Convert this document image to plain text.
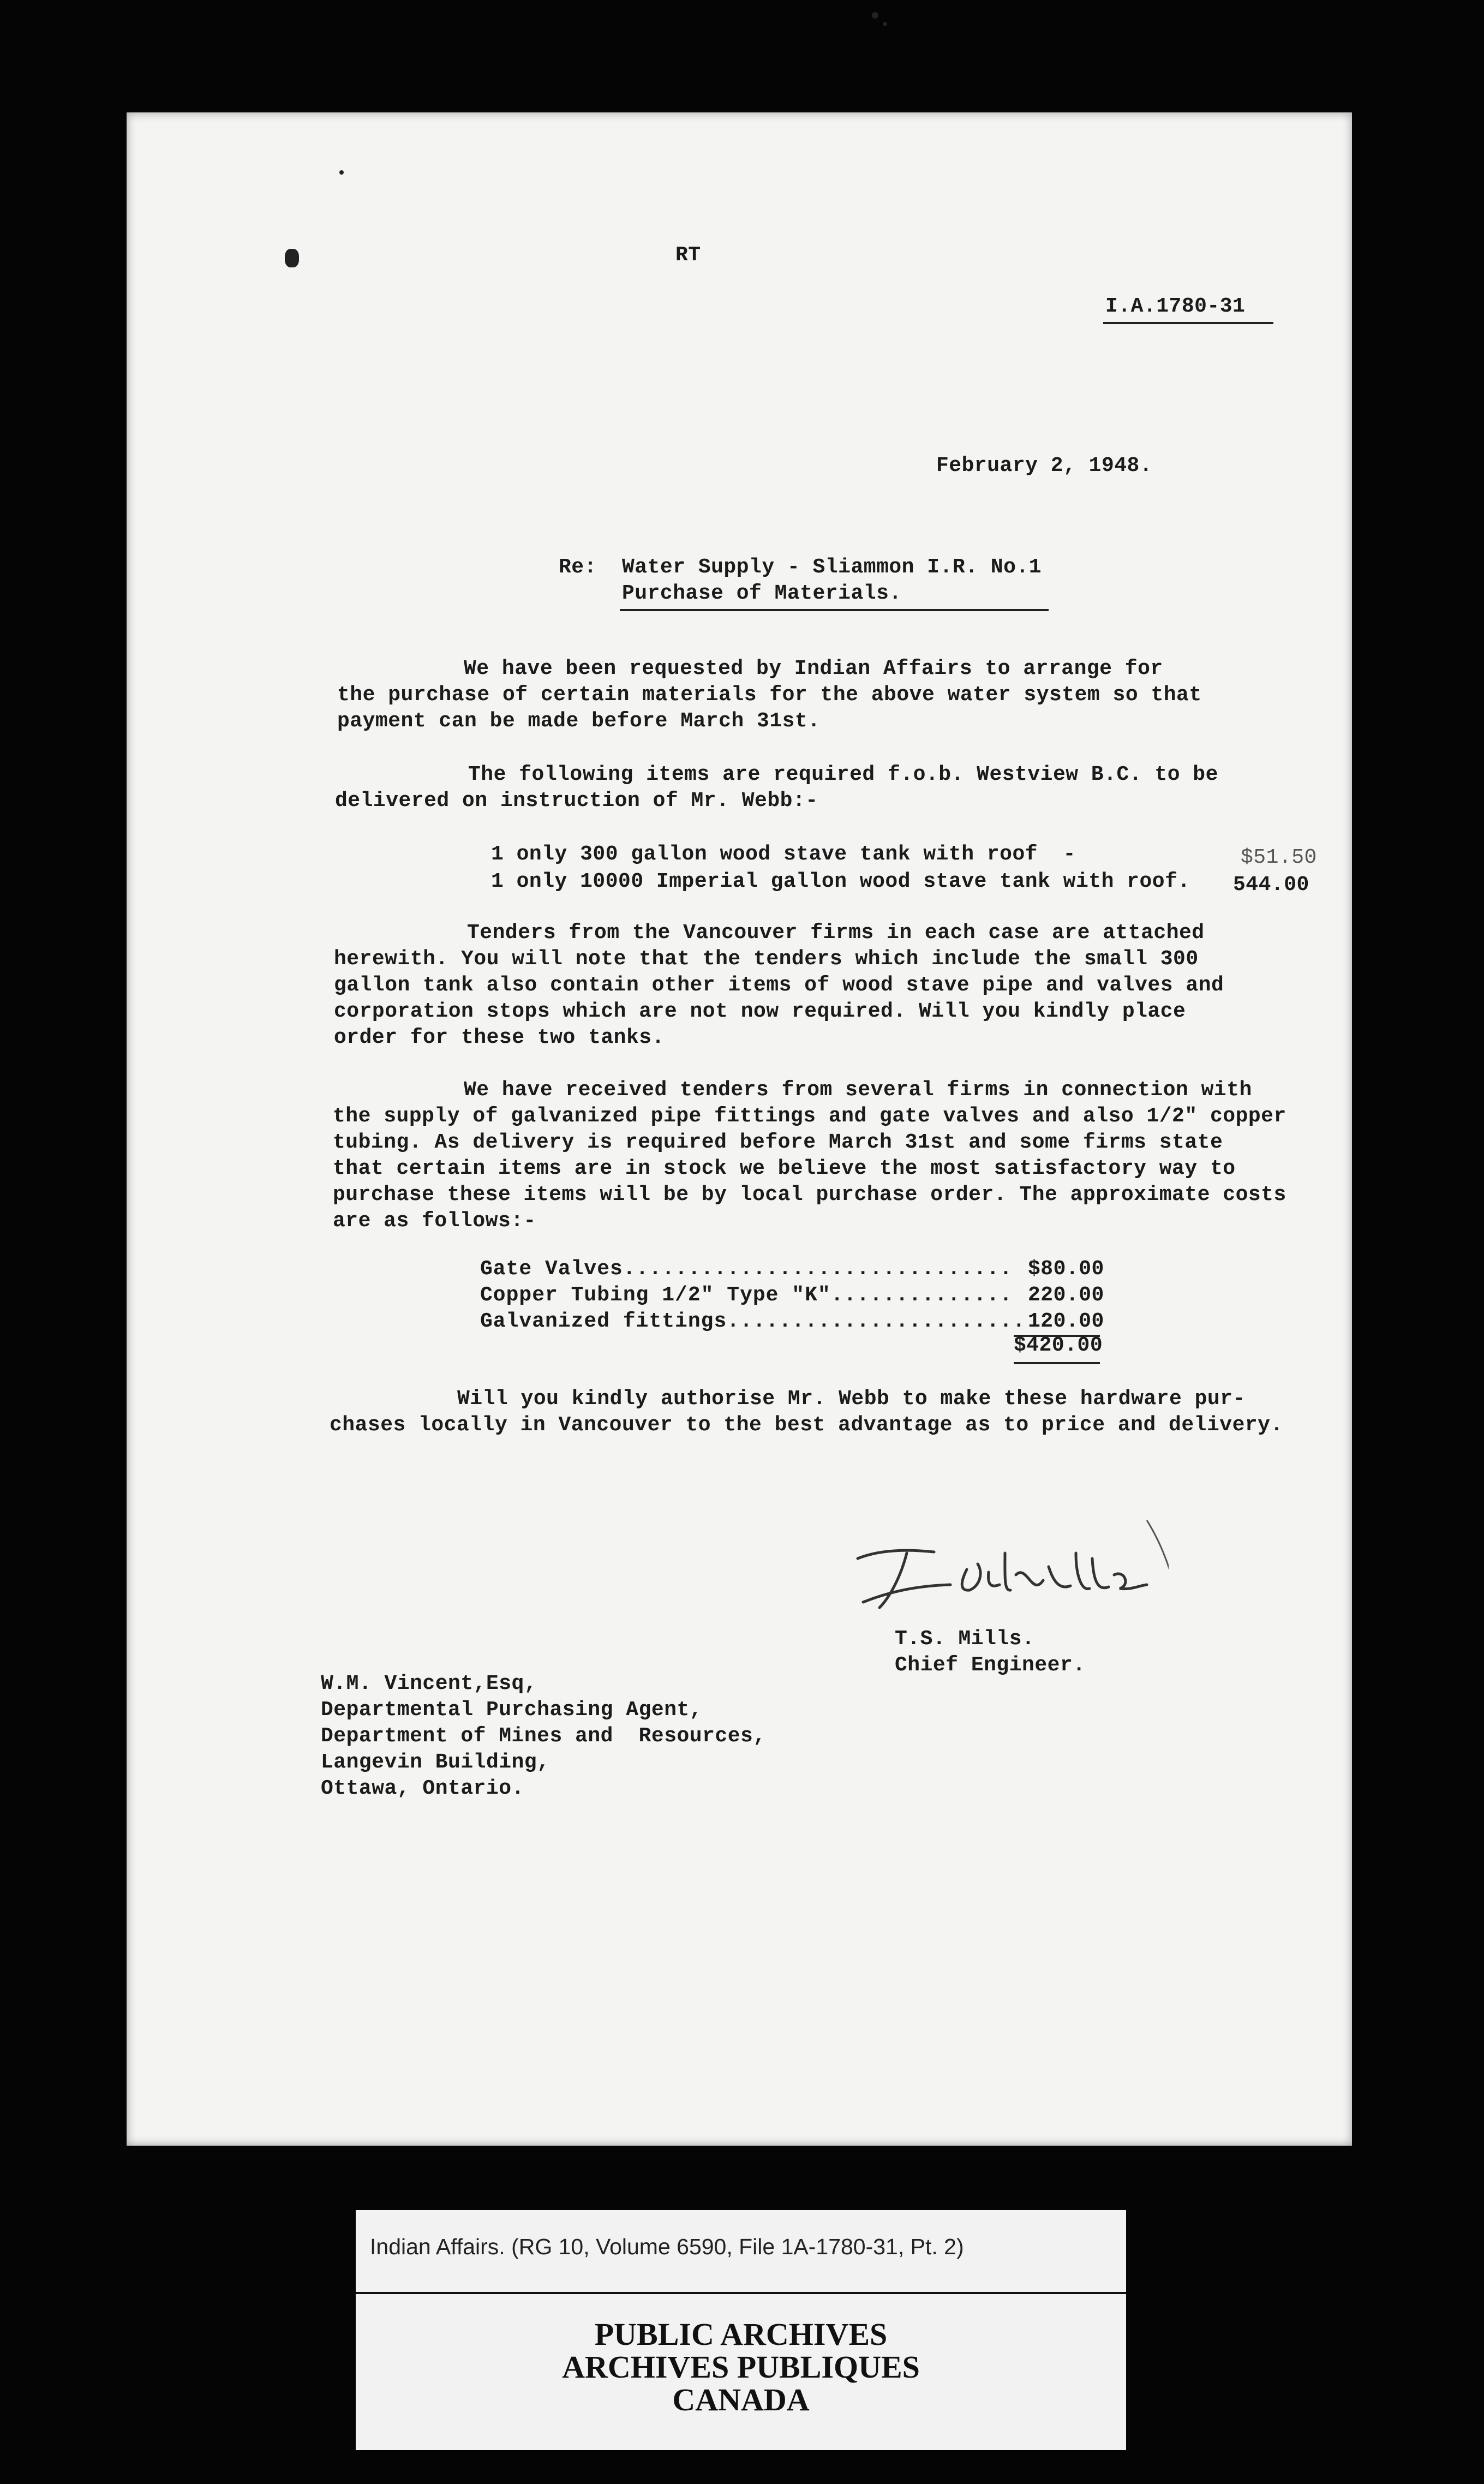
RT
I.A.1780-31
February 2, 1948.
Re: Water Supply - Sliammon I.R. No.1
Purchase of Materials.
We have been requested by Indian Affairs to arrange for
the purchase of certain materials for the above water system so that
payment can be made before March 31st.
The following items are required f.o.b. Westview B.C. to be
delivered on instruction of Mr. Webb:-
1 only 300 gallon wood stave tank with roof  -	$51.50
1 only 10000 Imperial gallon wood stave tank with roof. 544.00
Tenders from the Vancouver firms in each case are attached
herewith. You will note that the tenders which include the small 300
gallon tank also contain other items of wood stave pipe and valves and
corporation stops which are not now required. Will you kindly place
order for these two tanks.
We have received tenders from several firms in connection with
the supply of galvanized pipe fittings and gate valves and also 1/2" copper
tubing. As delivery is required before March 31st and some firms state
that certain items are in stock we believe the most satisfactory way to
purchase these items will be by local purchase order. The approximate costs
are as follows:-
Gate Valves.............................. $80.00
Copper Tubing 1/2" Type "K".............. 220.00
Galvanized fittings....................... 120.00
$420.00
Will you kindly authorise Mr. Webb to make these hardware pur-
chases locally in Vancouver to the best advantage as to price and delivery.
T.S. Mills.
Chief Engineer.
W.M. Vincent,Esq,
Departmental Purchasing Agent,
Department of Mines and  Resources,
Langevin Building,
Ottawa, Ontario.
Indian Affairs. (RG 10, Volume 6590, File 1A-1780-31, Pt. 2)
PUBLIC ARCHIVES
ARCHIVES PUBLIQUES
CANADA
